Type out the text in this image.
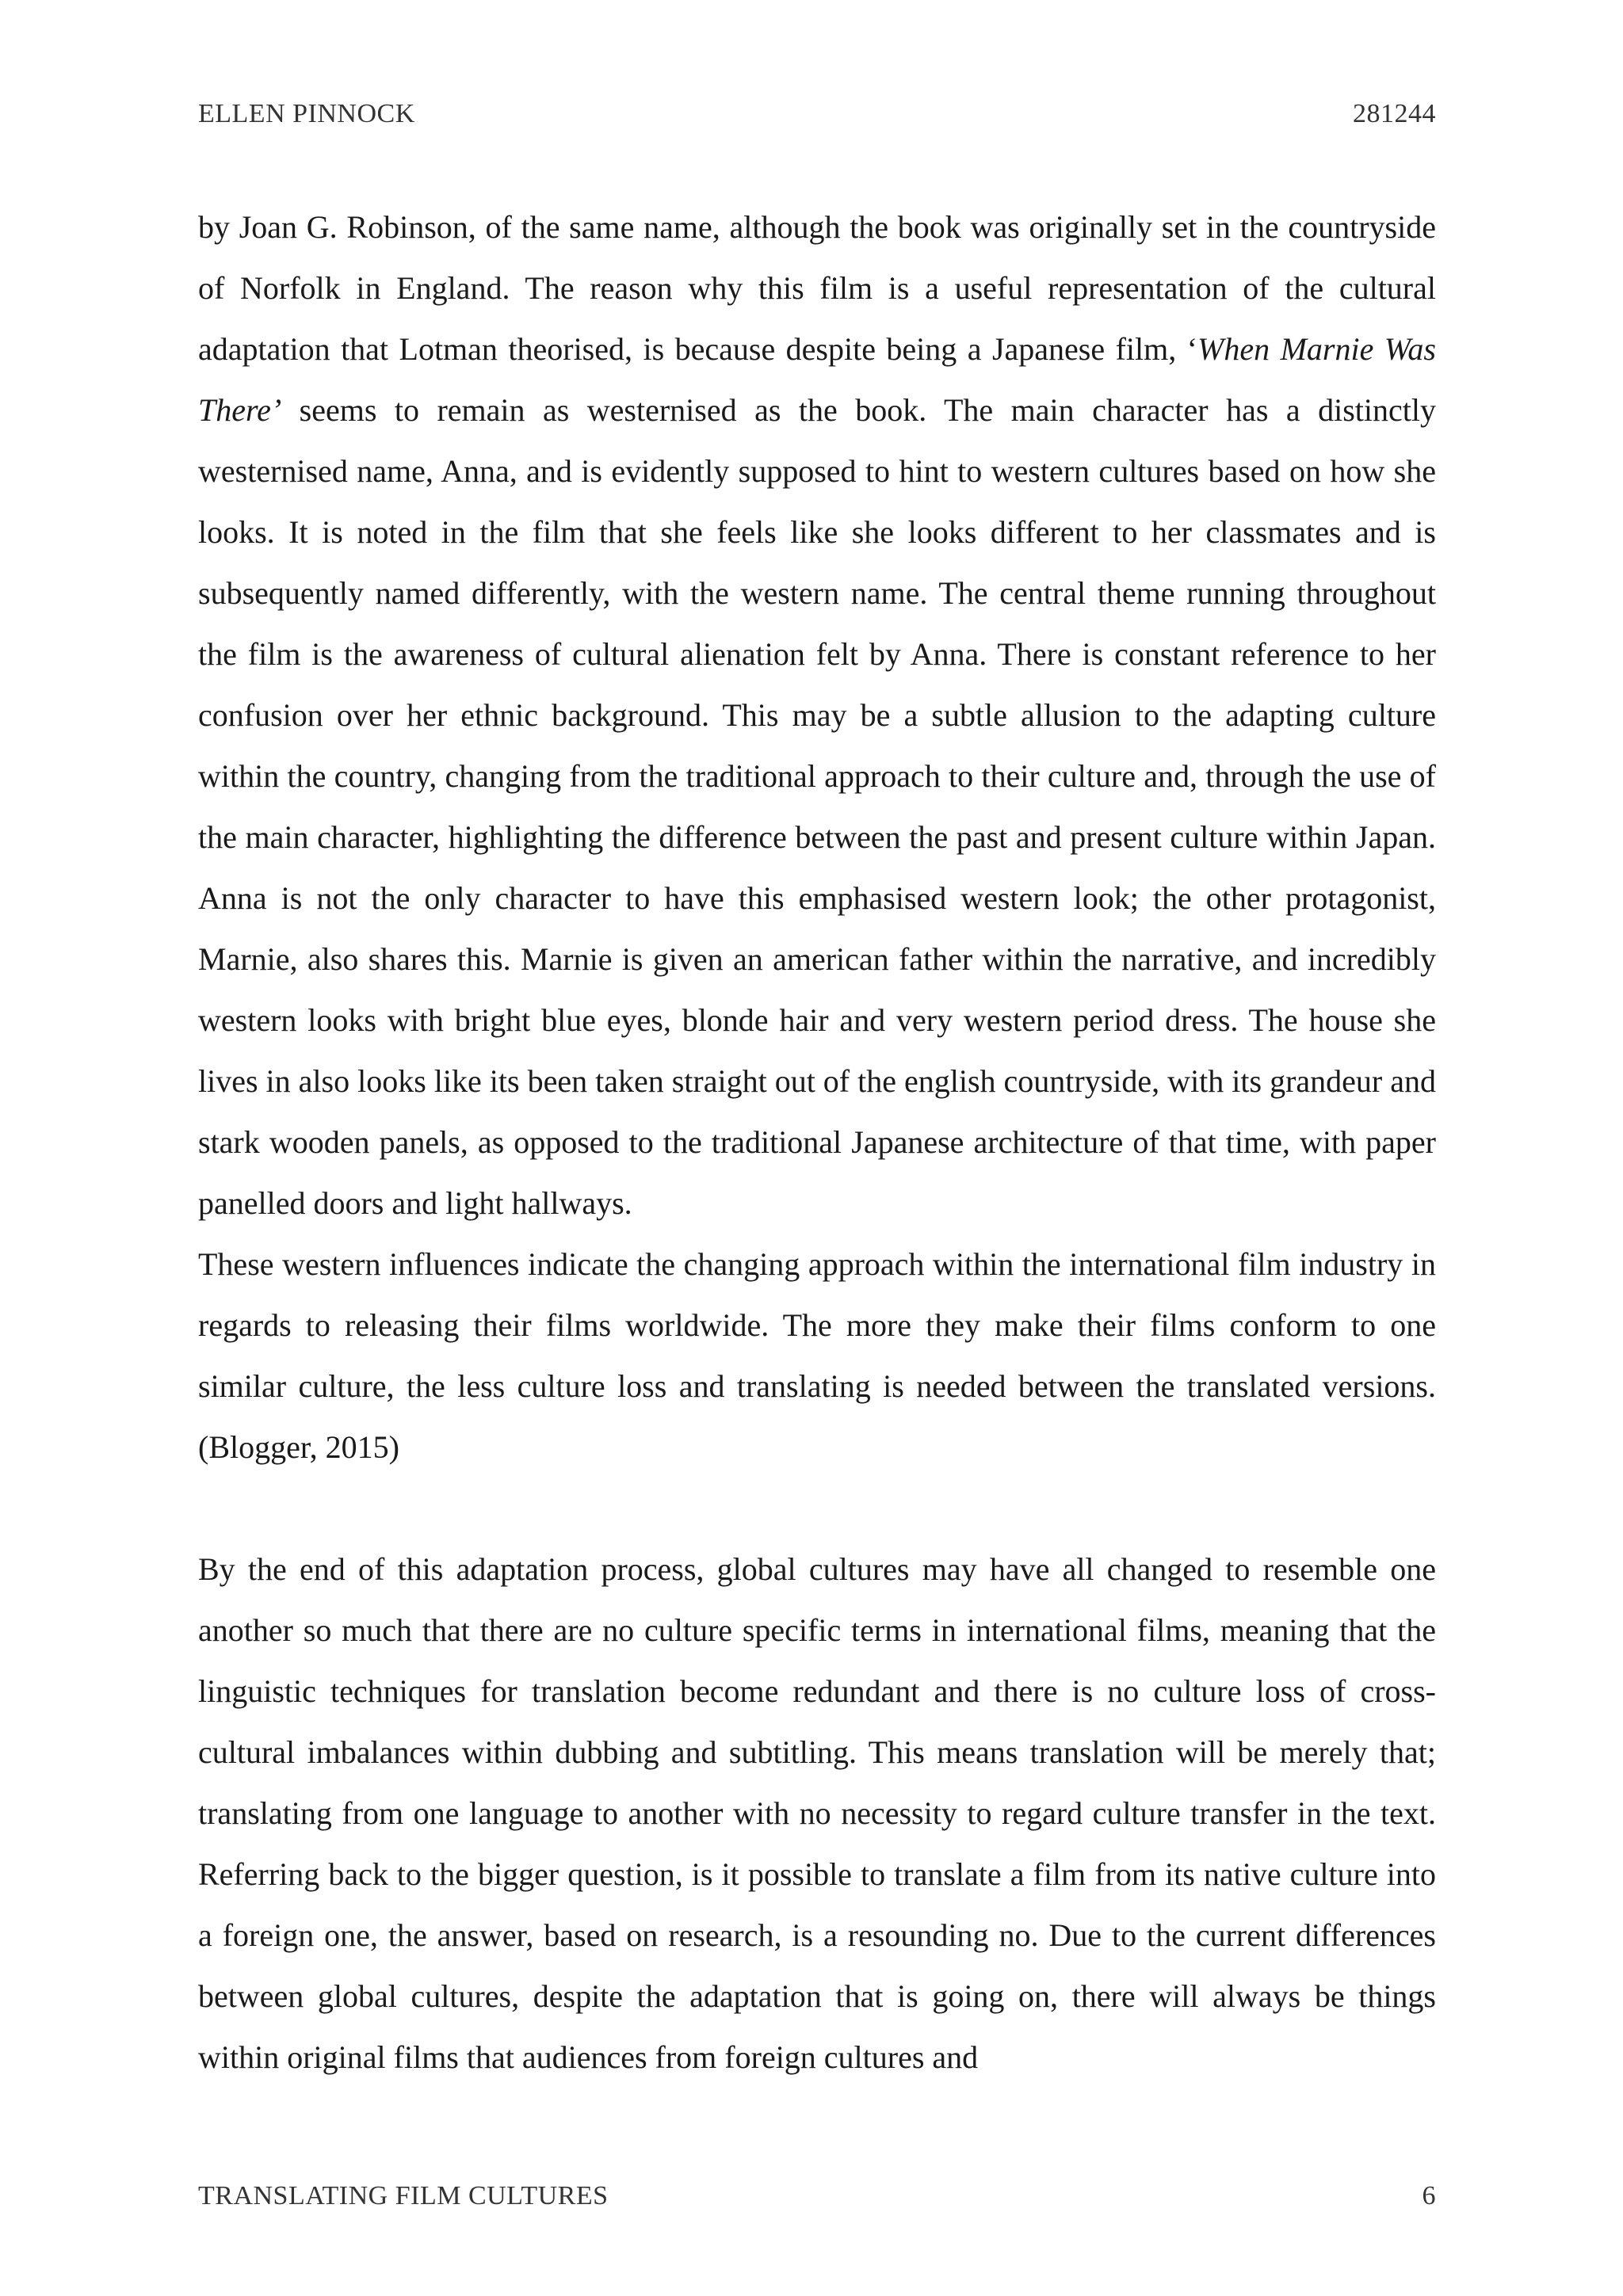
ELLEN PINNOCK	281244

by Joan G. Robinson, of the same name, although the book was originally set in the countryside of Norfolk in England. The reason why this film is a useful representation of the cultural adaptation that Lotman theorised, is because despite being a Japanese film, ‘When Marnie Was There’ seems to remain as westernised as the book. The main character has a distinctly westernised name, Anna, and is evidently supposed to hint to western cultures based on how she looks. It is noted in the film that she feels like she looks different to her classmates and is subsequently named differently, with the western name. The central theme running throughout the film is the awareness of cultural alienation felt by Anna. There is constant reference to her confusion over her ethnic background. This may be a subtle allusion to the adapting culture within the country, changing from the traditional approach to their culture and, through the use of the main character, highlighting the difference between the past and present culture within Japan. Anna is not the only character to have this emphasised western look; the other protagonist, Marnie, also shares this. Marnie is given an american father within the narrative, and incredibly western looks with bright blue eyes, blonde hair and very western period dress. The house she lives in also looks like its been taken straight out of the english countryside, with its grandeur and stark wooden panels, as opposed to the traditional Japanese architecture of that time, with paper panelled doors and light hallways.

These western influences indicate the changing approach within the international film industry in regards to releasing their films worldwide. The more they make their films conform to one similar culture, the less culture loss and translating is needed between the translated versions. (Blogger, 2015)

By the end of this adaptation process, global cultures may have all changed to resemble one another so much that there are no culture specific terms in international films, meaning that the linguistic techniques for translation become redundant and there is no culture loss of cross-cultural imbalances within dubbing and subtitling. This means translation will be merely that; translating from one language to another with no necessity to regard culture transfer in the text. Referring back to the bigger question, is it possible to translate a film from its native culture into a foreign one, the answer, based on research, is a resounding no. Due to the current differences between global cultures, despite the adaptation that is going on, there will always be things within original films that audiences from foreign cultures and

TRANSLATING FILM CULTURES	6
